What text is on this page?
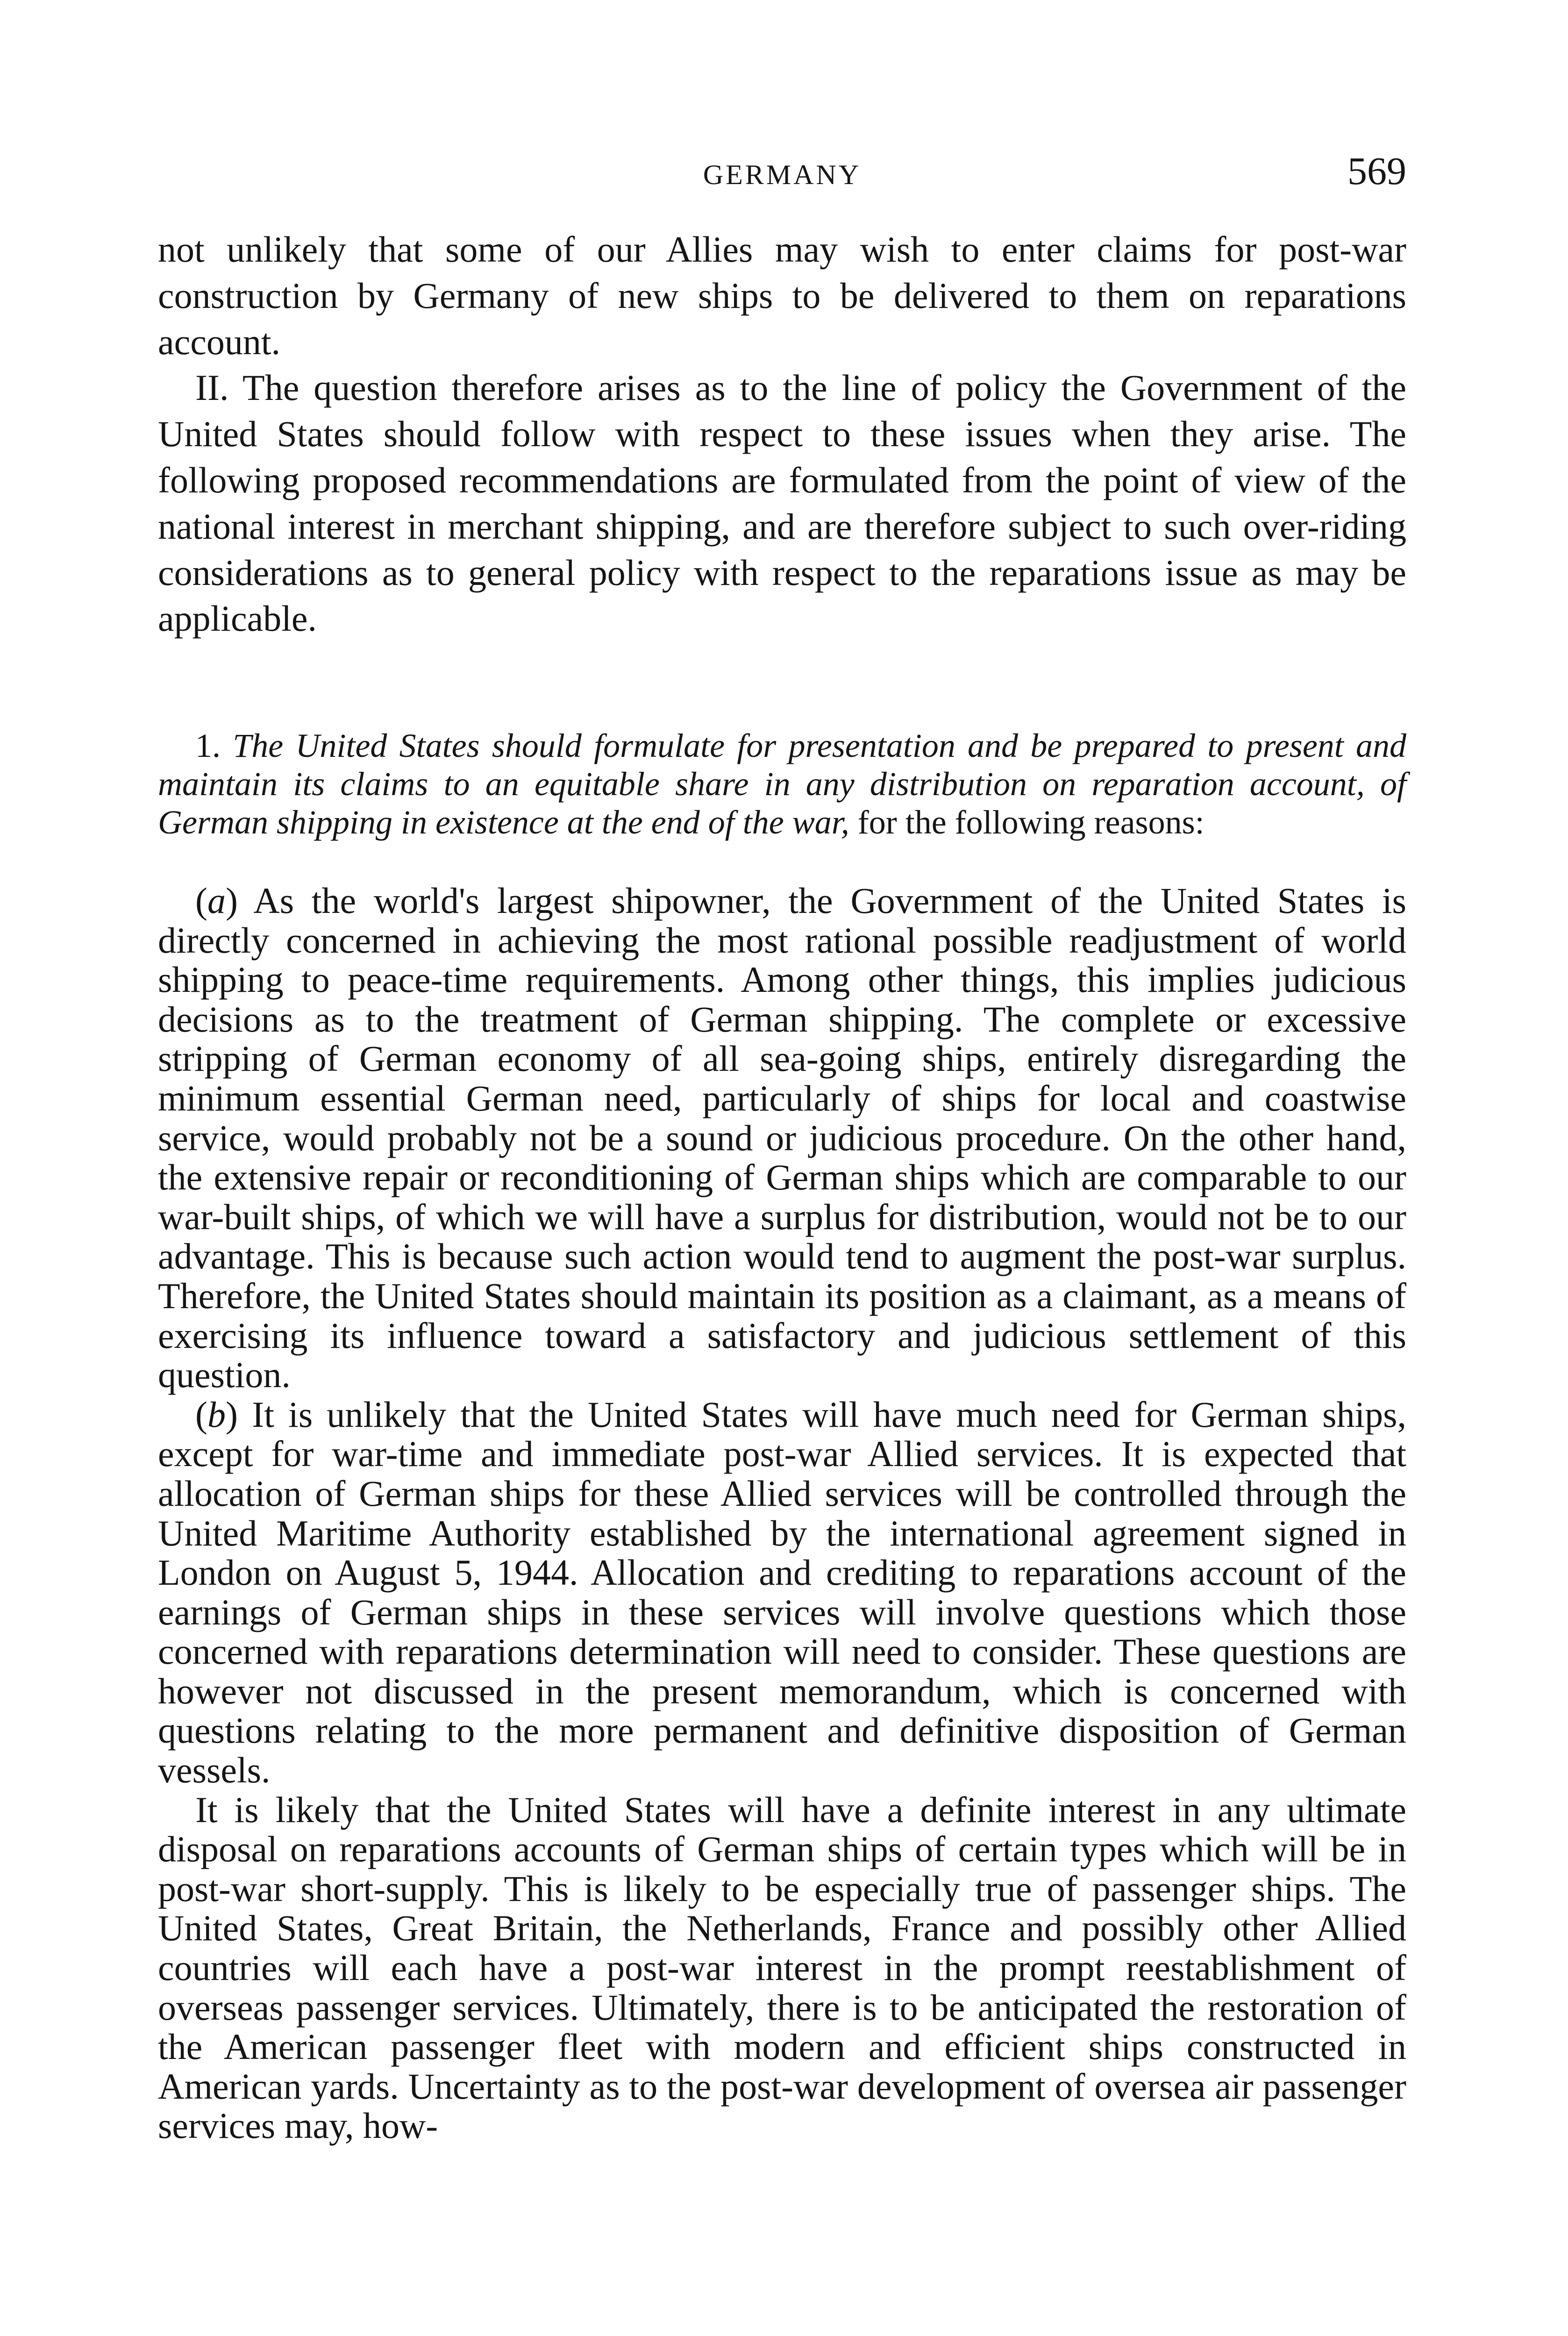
GERMANY	569

not unlikely that some of our Allies may wish to enter claims for post-war construction by Germany of new ships to be delivered to them on reparations account.

II. The question therefore arises as to the line of policy the Government of the United States should follow with respect to these issues when they arise. The following proposed recommendations are formulated from the point of view of the national interest in merchant shipping, and are therefore subject to such over-riding considerations as to general policy with respect to the reparations issue as may be applicable.

1. The United States should formulate for presentation and be prepared to present and maintain its claims to an equitable share in any distribution on reparation account, of German shipping in existence at the end of the war, for the following reasons:

(a) As the world's largest shipowner, the Government of the United States is directly concerned in achieving the most rational possible readjustment of world shipping to peace-time requirements. Among other things, this implies judicious decisions as to the treatment of German shipping. The complete or excessive stripping of German economy of all sea-going ships, entirely disregarding the minimum essential German need, particularly of ships for local and coastwise service, would probably not be a sound or judicious procedure. On the other hand, the extensive repair or reconditioning of German ships which are comparable to our war-built ships, of which we will have a surplus for distribution, would not be to our advantage. This is because such action would tend to augment the post-war surplus. Therefore, the United States should maintain its position as a claimant, as a means of exercising its influence toward a satisfactory and judicious settlement of this question.

(b) It is unlikely that the United States will have much need for German ships, except for war-time and immediate post-war Allied services. It is expected that allocation of German ships for these Allied services will be controlled through the United Maritime Authority established by the international agreement signed in London on August 5, 1944. Allocation and crediting to reparations account of the earnings of German ships in these services will involve questions which those concerned with reparations determination will need to consider. These questions are however not discussed in the present memorandum, which is concerned with questions relating to the more permanent and definitive disposition of German vessels.

It is likely that the United States will have a definite interest in any ultimate disposal on reparations accounts of German ships of certain types which will be in post-war short-supply. This is likely to be especially true of passenger ships. The United States, Great Britain, the Netherlands, France and possibly other Allied countries will each have a post-war interest in the prompt reestablishment of overseas passenger services. Ultimately, there is to be anticipated the restoration of the American passenger fleet with modern and efficient ships constructed in American yards. Uncertainty as to the post-war development of oversea air passenger services may, how-
